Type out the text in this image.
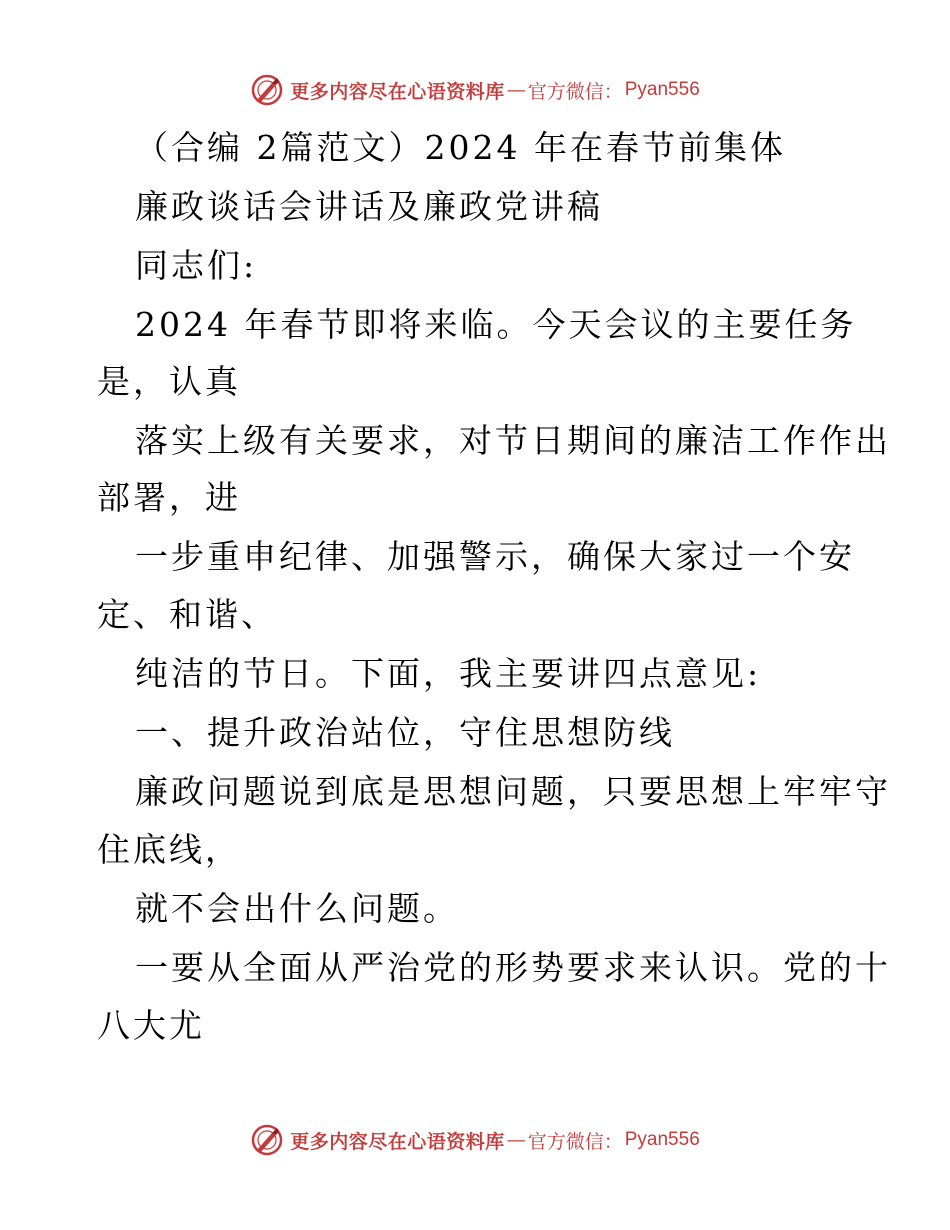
更多内容尽在心语资料库 — 官方微信： Pyan556
（合编 2篇范文）2024 年在春节前集体
廉政谈话会讲话及廉政党讲稿
同志们:
2024 年春节即将来临。今天会议的主要任务
是，认真
落实上级有关要求，对节日期间的廉洁工作作出
部署，进
一步重申纪律、加强警示，确保大家过一个安
定、和谐、
纯洁的节日。下面，我主要讲四点意见:
一、提升政治站位，守住思想防线
廉政问题说到底是思想问题，只要思想上牢牢守
住底线，
就不会出什么问题。
一要从全面从严治党的形势要求来认识。党的十
八大尤
更多内容尽在心语资料库 — 官方微信： Pyan556
